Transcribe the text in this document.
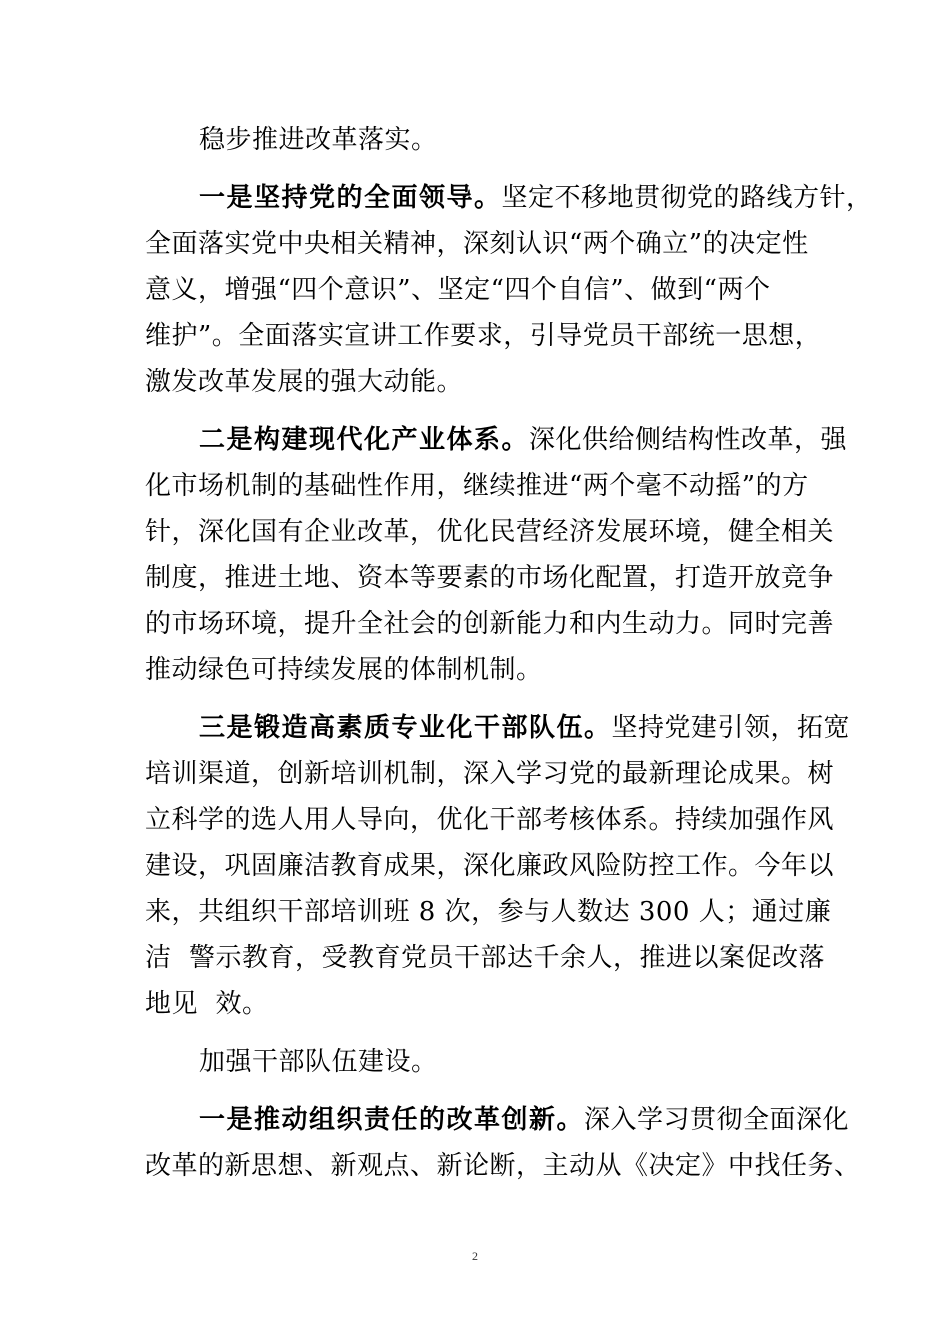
稳步推进改革落实。
一是坚持党的全面领导。坚定不移地贯彻党的路线方针，
全面落实党中央相关精神，深刻认识“两个确立”的决定性
意义，增强“四个意识”、坚定“四个自信”、做到“两个
维护”。全面落实宣讲工作要求，引导党员干部统一思想，
激发改革发展的强大动能。
二是构建现代化产业体系。深化供给侧结构性改革，强
化市场机制的基础性作用，继续推进“两个毫不动摇”的方
针，深化国有企业改革，优化民营经济发展环境，健全相关
制度，推进土地、资本等要素的市场化配置，打造开放竞争
的市场环境，提升全社会的创新能力和内生动力。同时完善
推动绿色可持续发展的体制机制。
三是锻造高素质专业化干部队伍。坚持党建引领，拓宽
培训渠道，创新培训机制，深入学习党的最新理论成果。树
立科学的选人用人导向，优化干部考核体系。持续加强作风
建设，巩固廉洁教育成果，深化廉政风险防控工作。今年以
来，共组织干部培训班 8 次，参与人数达 300 人；通过廉
洁  警示教育，受教育党员干部达千余人，推进以案促改落
地见  效。
加强干部队伍建设。
一是推动组织责任的改革创新。深入学习贯彻全面深化
改革的新思想、新观点、新论断，主动从《决定》中找任务、
2
